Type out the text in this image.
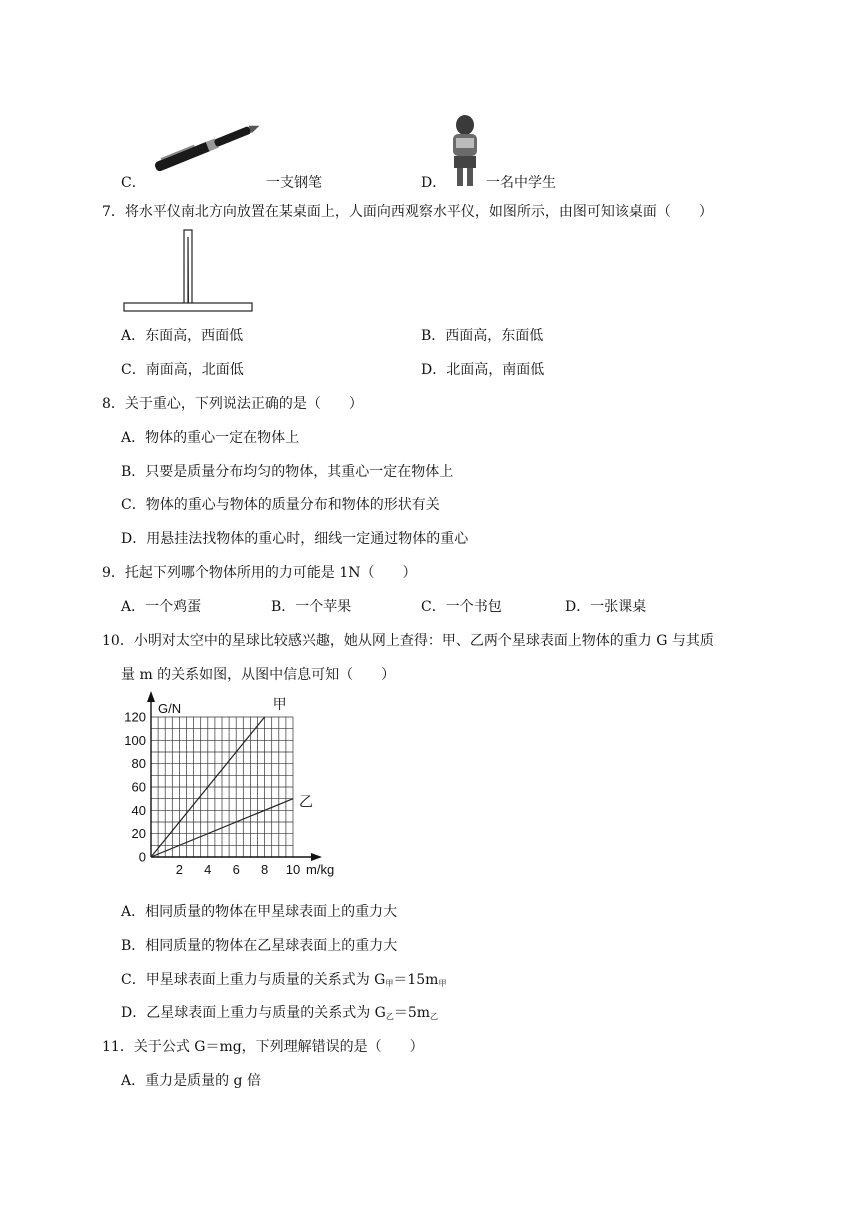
C．	一支钢笔	D．	一名中学生
7．将水平仪南北方向放置在某桌面上，人面向西观察水平仪，如图所示，由图可知该桌面（　　）
A．东面高，西面低	B．西面高，东面低
C．南面高，北面低	D．北面高，南面低
8．关于重心，下列说法正确的是（　　）
A．物体的重心一定在物体上
B．只要是质量分布均匀的物体，其重心一定在物体上
C．物体的重心与物体的质量分布和物体的形状有关
D．用悬挂法找物体的重心时，细线一定通过物体的重心
9．托起下列哪个物体所用的力可能是 1N（　　）
A．一个鸡蛋	B．一个苹果	C．一个书包	D．一张课桌
10．小明对太空中的星球比较感兴趣，她从网上查得：甲、乙两个星球表面上物体的重力 G 与其质
量 m 的关系如图，从图中信息可知（　　）
0
20
40
60
80
100
120
2 4 6 8 10
G/N
m/kg
甲
乙
A．相同质量的物体在甲星球表面上的重力大
B．相同质量的物体在乙星球表面上的重力大
C．甲星球表面上重力与质量的关系式为 $G_甲=15m_甲$
D．乙星球表面上重力与质量的关系式为 $G_乙=5m_乙$
11．关于公式 G＝mg，下列理解错误的是（　　）
A．重力是质量的 g 倍
